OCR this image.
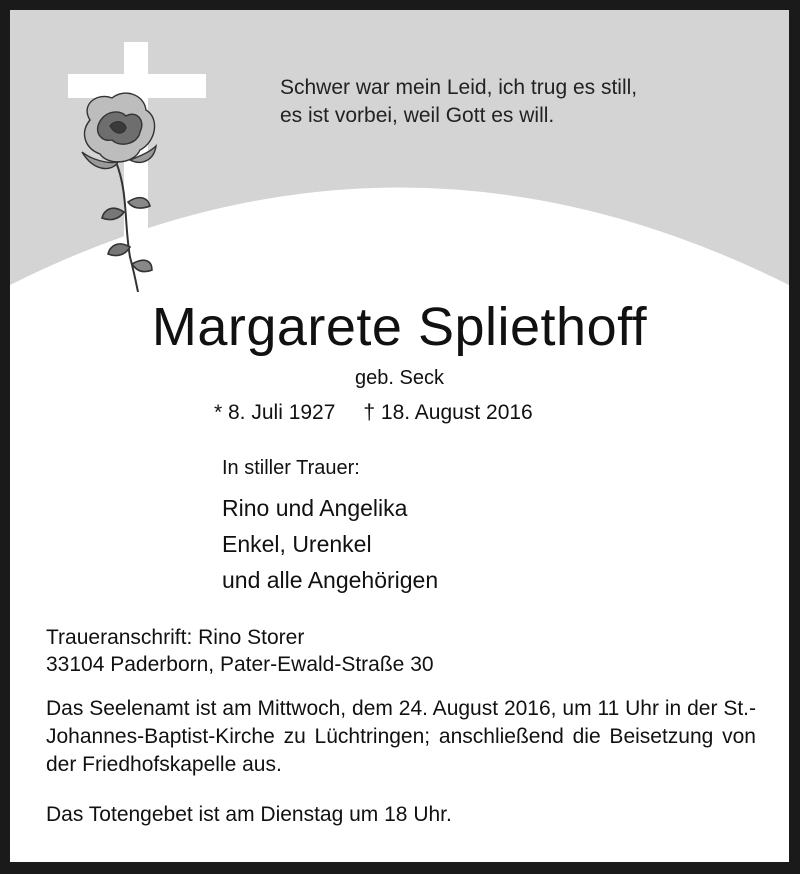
Schwer war mein Leid, ich trug es still,
es ist vorbei, weil Gott es will.
Margarete Spliethoff
geb. Seck
* 8. Juli 1927 † 18. August 2016
In stiller Trauer:
Rino und Angelika
Enkel, Urenkel
und alle Angehörigen
Traueranschrift: Rino Storer
33104 Paderborn, Pater-Ewald-Straße 30
Das Seelenamt ist am Mittwoch, dem 24. August 2016, um 11 Uhr in der St.-Johannes-Baptist-Kirche zu Lüchtringen; anschließend die Beisetzung von der Friedhofskapelle aus.
Das Totengebet ist am Dienstag um 18 Uhr.
